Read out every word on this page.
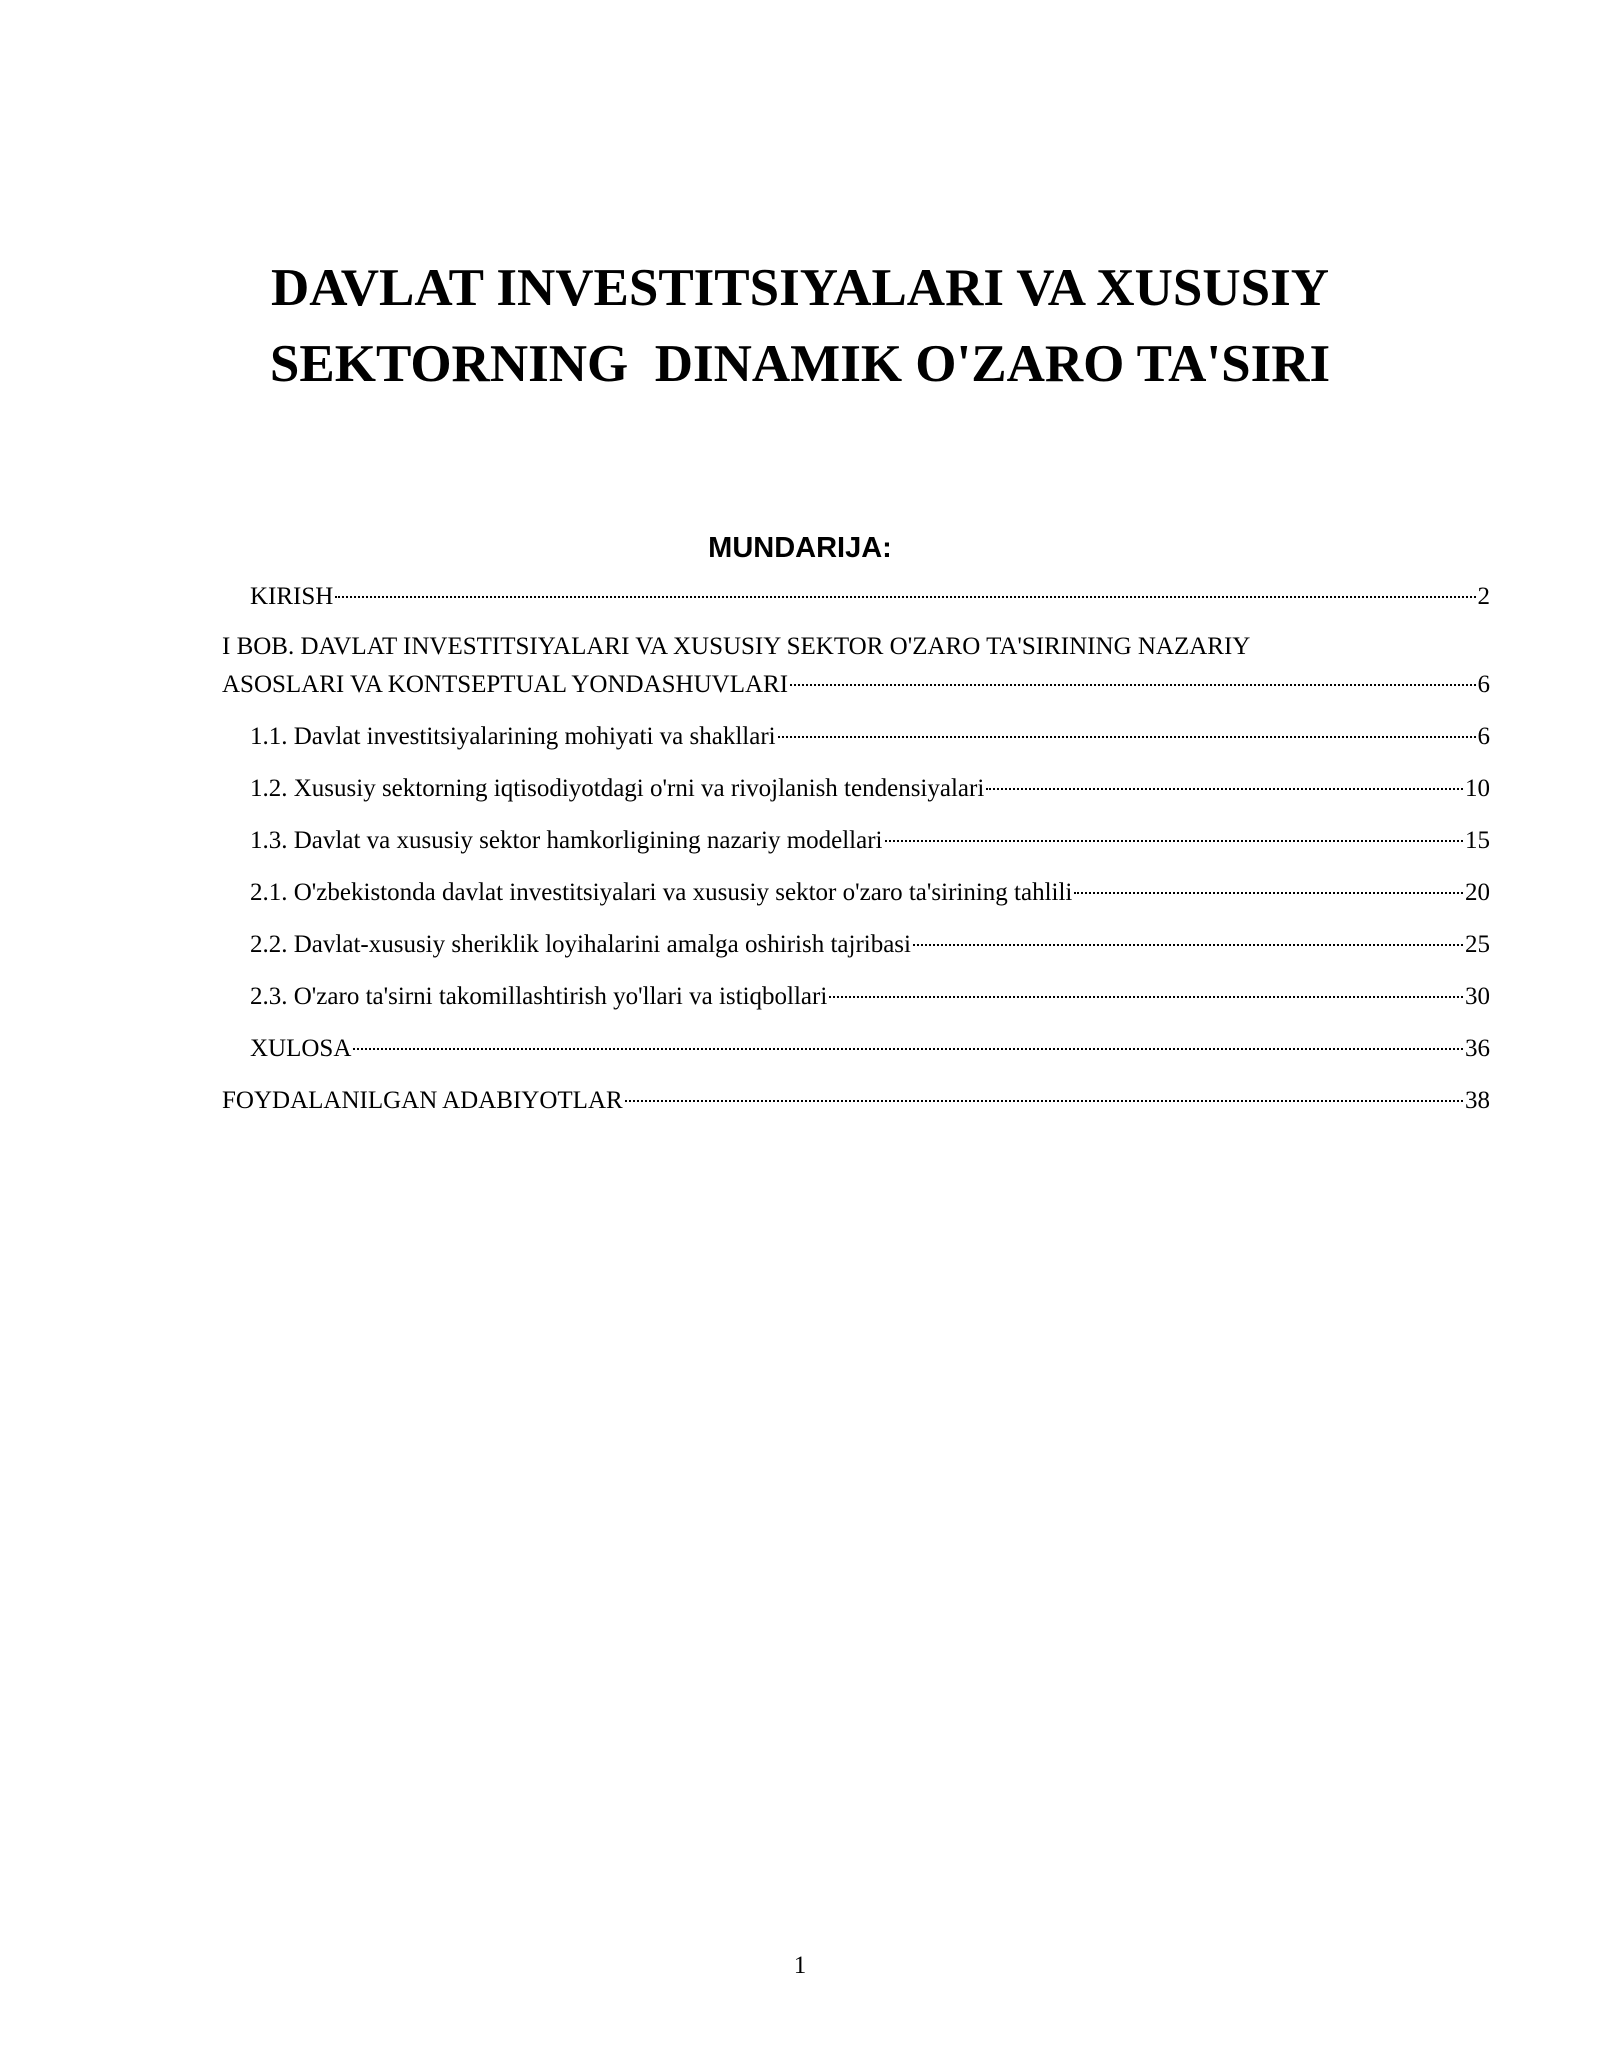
DAVLAT INVESTITSIYALARI VA XUSUSIY
SEKTORNING  DINAMIK O'ZARO TA'SIRI
MUNDARIJA:
KIRISH	2
I BOB. DAVLAT INVESTITSIYALARI VA XUSUSIY SEKTOR O'ZARO TA'SIRINING NAZARIY
ASOSLARI VA KONTSEPTUAL YONDASHUVLARI	6
1.1. Davlat investitsiyalarining mohiyati va shakllari	6
1.2. Xususiy sektorning iqtisodiyotdagi o'rni va rivojlanish tendensiyalari	10
1.3. Davlat va xususiy sektor hamkorligining nazariy modellari	15
2.1. O'zbekistonda davlat investitsiyalari va xususiy sektor o'zaro ta'sirining tahlili	20
2.2. Davlat-xususiy sheriklik loyihalarini amalga oshirish tajribasi	25
2.3. O'zaro ta'sirni takomillashtirish yo'llari va istiqbollari	30
XULOSA	36
FOYDALANILGAN ADABIYOTLAR	38
1
